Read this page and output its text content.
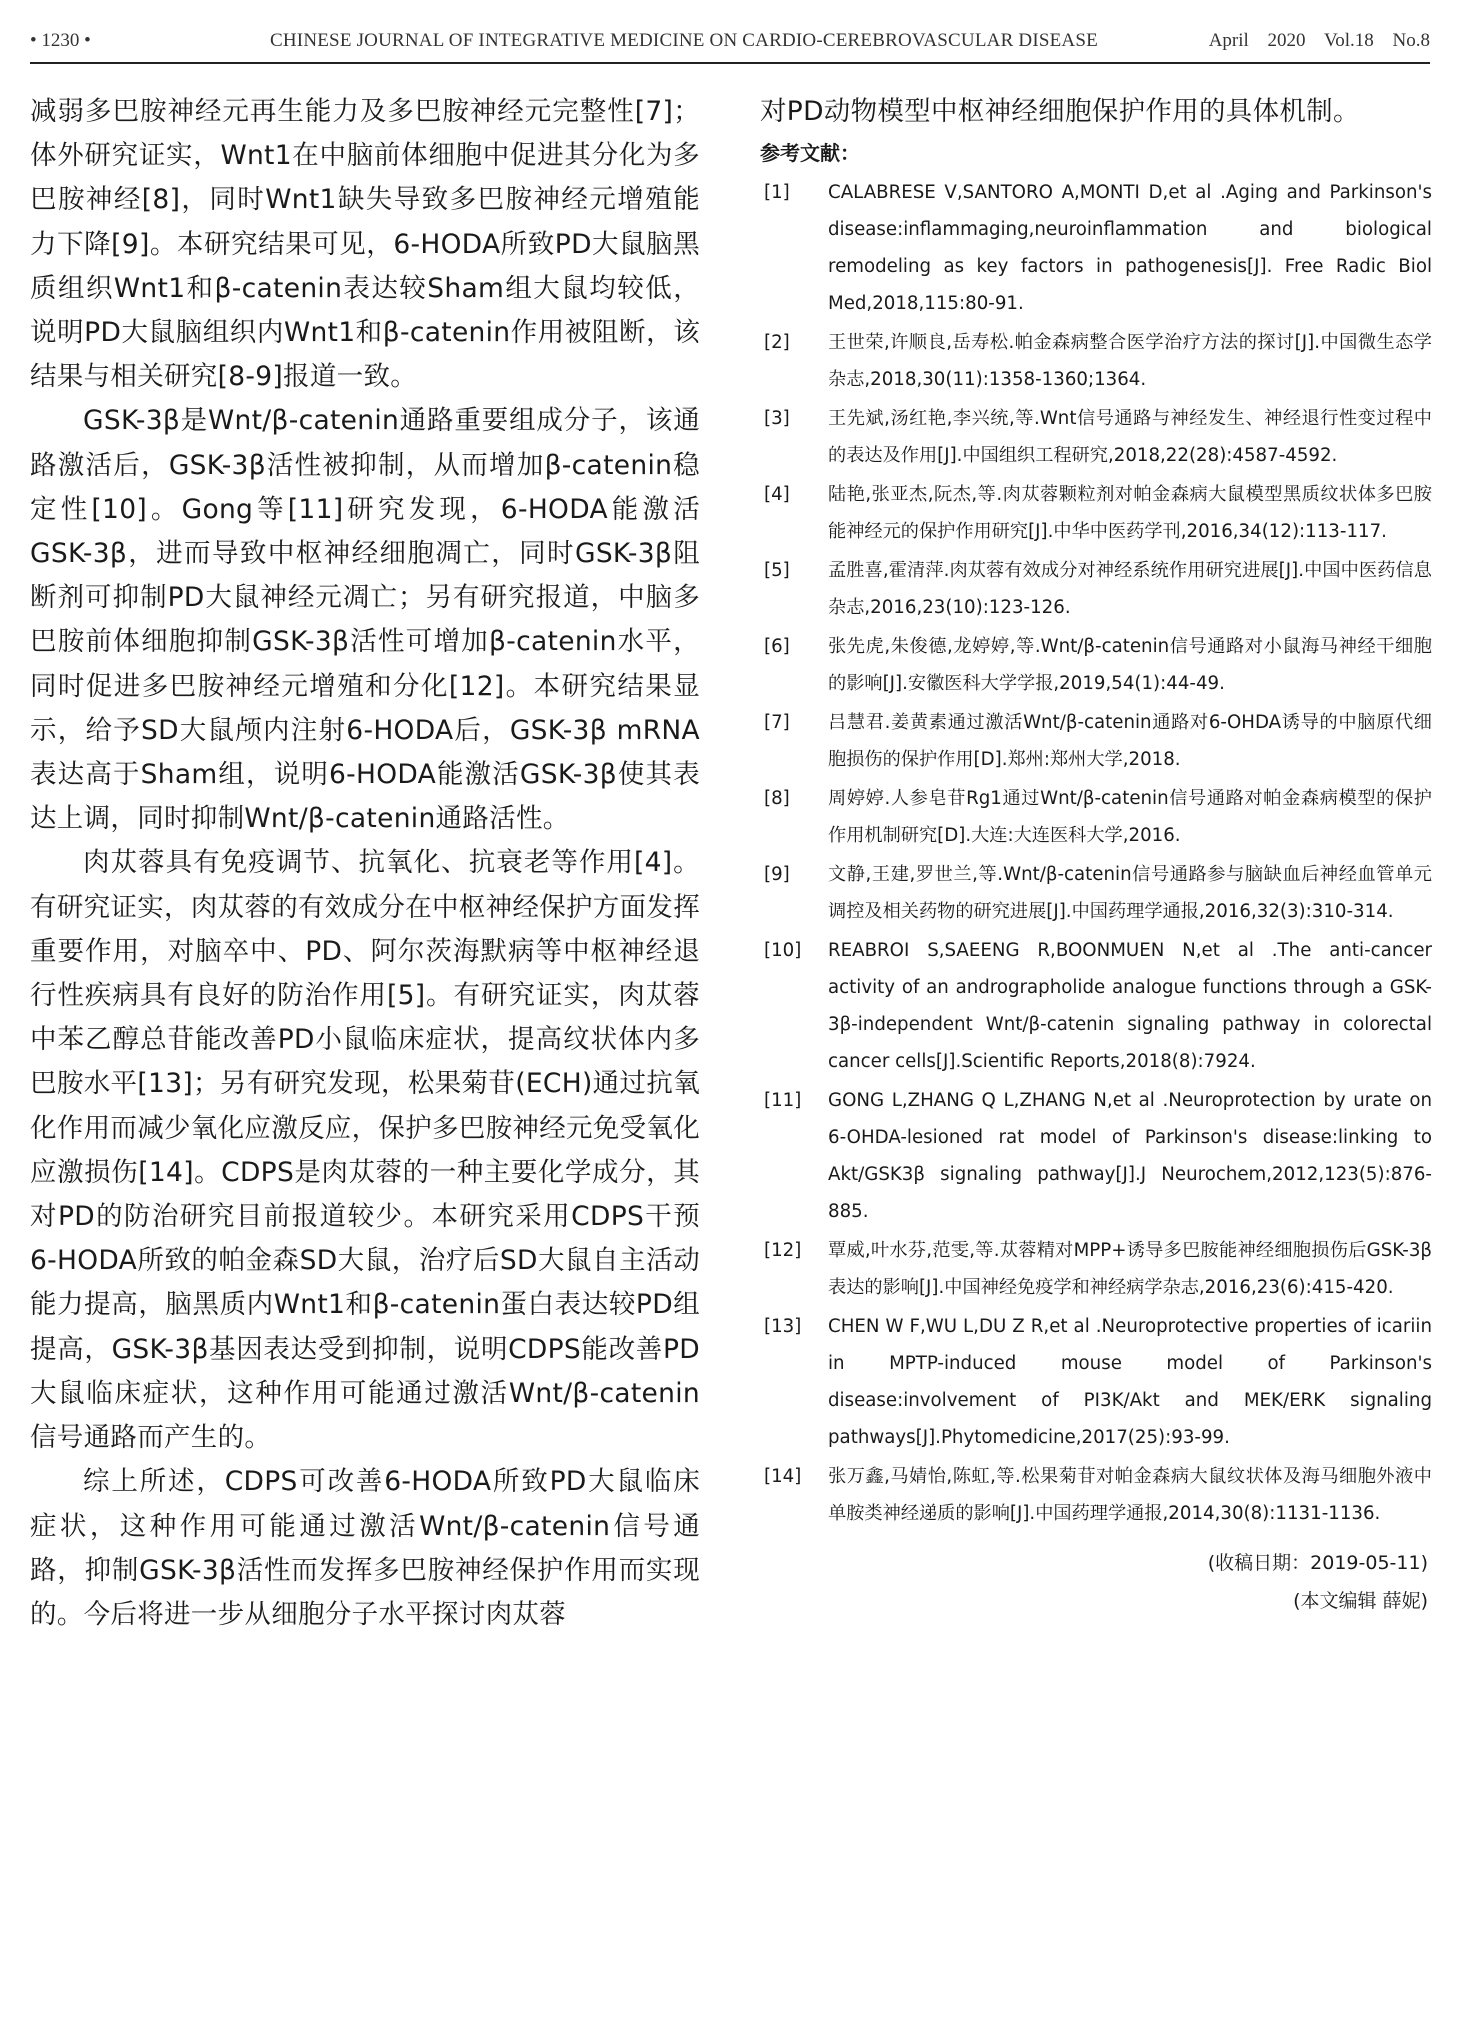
• 1230 •	CHINESE JOURNAL OF INTEGRATIVE MEDICINE ON CARDIO-CEREBROVASCULAR DISEASE	April 2020 Vol.18 No.8

减弱多巴胺神经元再生能力及多巴胺神经元完整性[7]；体外研究证实，Wnt1在中脑前体细胞中促进其分化为多巴胺神经[8]，同时Wnt1缺失导致多巴胺神经元增殖能力下降[9]。本研究结果可见，6-HODA所致PD大鼠脑黑质组织Wnt1和β-catenin表达较Sham组大鼠均较低，说明PD大鼠脑组织内Wnt1和β-catenin作用被阻断，该结果与相关研究[8-9]报道一致。

GSK-3β是Wnt/β-catenin通路重要组成分子，该通路激活后，GSK-3β活性被抑制，从而增加β-catenin稳定性[10]。Gong等[11]研究发现，6-HODA能激活GSK-3β，进而导致中枢神经细胞凋亡，同时GSK-3β阻断剂可抑制PD大鼠神经元凋亡；另有研究报道，中脑多巴胺前体细胞抑制GSK-3β活性可增加β-catenin水平，同时促进多巴胺神经元增殖和分化[12]。本研究结果显示，给予SD大鼠颅内注射6-HODA后，GSK-3β mRNA表达高于Sham组，说明6-HODA能激活GSK-3β使其表达上调，同时抑制Wnt/β-catenin通路活性。

肉苁蓉具有免疫调节、抗氧化、抗衰老等作用[4]。有研究证实，肉苁蓉的有效成分在中枢神经保护方面发挥重要作用，对脑卒中、PD、阿尔茨海默病等中枢神经退行性疾病具有良好的防治作用[5]。有研究证实，肉苁蓉中苯乙醇总苷能改善PD小鼠临床症状，提高纹状体内多巴胺水平[13]；另有研究发现，松果菊苷(ECH)通过抗氧化作用而减少氧化应激反应，保护多巴胺神经元免受氧化应激损伤[14]。CDPS是肉苁蓉的一种主要化学成分，其对PD的防治研究目前报道较少。本研究采用CDPS干预6-HODA所致的帕金森SD大鼠，治疗后SD大鼠自主活动能力提高，脑黑质内Wnt1和β-catenin蛋白表达较PD组提高，GSK-3β基因表达受到抑制，说明CDPS能改善PD大鼠临床症状，这种作用可能通过激活Wnt/β-catenin信号通路而产生的。

综上所述，CDPS可改善6-HODA所致PD大鼠临床症状，这种作用可能通过激活Wnt/β-catenin信号通路，抑制GSK-3β活性而发挥多巴胺神经保护作用而实现的。今后将进一步从细胞分子水平探讨肉苁蓉

对PD动物模型中枢神经细胞保护作用的具体机制。

参考文献：
[1] CALABRESE V,SANTORO A,MONTI D,et al .Aging and Parkinson's disease:inflammaging,neuroinflammation and biological remodeling as key factors in pathogenesis[J]. Free Radic Biol Med,2018,115:80-91.
[2] 王世荣,许顺良,岳寿松.帕金森病整合医学治疗方法的探讨[J].中国微生态学杂志,2018,30(11):1358-1360;1364.
[3] 王先斌,汤红艳,李兴统,等.Wnt信号通路与神经发生、神经退行性变过程中的表达及作用[J].中国组织工程研究,2018,22(28):4587-4592.
[4] 陆艳,张亚杰,阮杰,等.肉苁蓉颗粒剂对帕金森病大鼠模型黑质纹状体多巴胺能神经元的保护作用研究[J].中华中医药学刊,2016,34(12):113-117.
[5] 孟胜喜,霍清萍.肉苁蓉有效成分对神经系统作用研究进展[J].中国中医药信息杂志,2016,23(10):123-126.
[6] 张先虎,朱俊德,龙婷婷,等.Wnt/β-catenin信号通路对小鼠海马神经干细胞的影响[J].安徽医科大学学报,2019,54(1):44-49.
[7] 吕慧君.姜黄素通过激活Wnt/β-catenin通路对6-OHDA诱导的中脑原代细胞损伤的保护作用[D].郑州:郑州大学,2018.
[8] 周婷婷.人参皂苷Rg1通过Wnt/β-catenin信号通路对帕金森病模型的保护作用机制研究[D].大连:大连医科大学,2016.
[9] 文静,王建,罗世兰,等.Wnt/β-catenin信号通路参与脑缺血后神经血管单元调控及相关药物的研究进展[J].中国药理学通报,2016,32(3):310-314.
[10] REABROI S,SAEENG R,BOONMUEN N,et al .The anti-cancer activity of an andrographolide analogue functions through a GSK-3β-independent Wnt/β-catenin signaling pathway in colorectal cancer cells[J].Scientific Reports,2018(8):7924.
[11] GONG L,ZHANG Q L,ZHANG N,et al .Neuroprotection by urate on 6-OHDA-lesioned rat model of Parkinson's disease:linking to Akt/GSK3β signaling pathway[J].J Neurochem,2012,123(5):876-885.
[12] 覃威,叶水芬,范雯,等.苁蓉精对MPP+诱导多巴胺能神经细胞损伤后GSK-3β表达的影响[J].中国神经免疫学和神经病学杂志,2016,23(6):415-420.
[13] CHEN W F,WU L,DU Z R,et al .Neuroprotective properties of icariin in MPTP-induced mouse model of Parkinson's disease:involvement of PI3K/Akt and MEK/ERK signaling pathways[J].Phytomedicine,2017(25):93-99.
[14] 张万鑫,马婧怡,陈虹,等.松果菊苷对帕金森病大鼠纹状体及海马细胞外液中单胺类神经递质的影响[J].中国药理学通报,2014,30(8):1131-1136.
(收稿日期：2019-05-11)
(本文编辑 薛妮)
